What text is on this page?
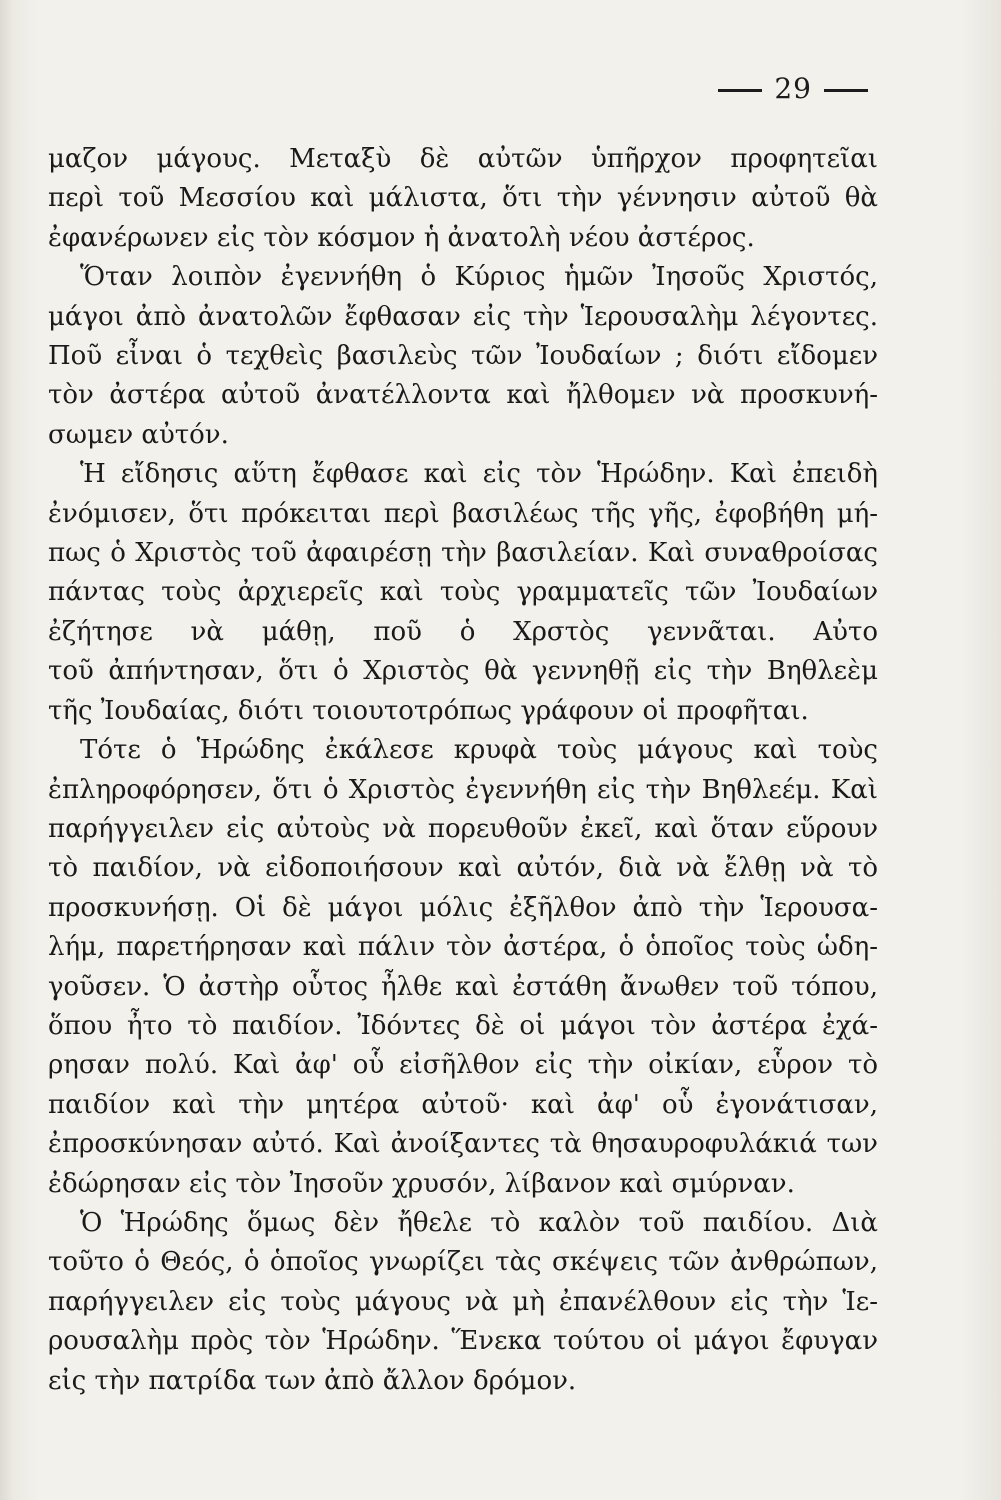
29
μαζον μάγους. Μεταξὺ δὲ αὐτῶν ὑπῆρχον προφητεῖαι
περὶ τοῦ Μεσσίου καὶ μάλιστα, ὅτι τὴν γέννησιν αὐτοῦ θὰ
ἐφανέρωνεν εἰς τὸν κόσμον ἡ ἀνατολὴ νέου ἀστέρος.
Ὅταν λοιπὸν ἐγεννήθη ὁ Κύριος ἡμῶν Ἰησοῦς Χριστός,
μάγοι ἀπὸ ἀνατολῶν ἔφθασαν εἰς τὴν Ἱερουσαλὴμ λέγοντες.
Ποῦ εἶναι ὁ τεχθεὶς βασιλεὺς τῶν Ἰουδαίων ; διότι εἴδομεν
τὸν ἀστέρα αὐτοῦ ἀνατέλλοντα καὶ ἤλθομεν νὰ προσκυνή-
σωμεν αὐτόν.
Ἡ εἴδησις αὕτη ἔφθασε καὶ εἰς τὸν Ἡρώδην. Καὶ ἐπειδὴ
ἐνόμισεν, ὅτι πρόκειται περὶ βασιλέως τῆς γῆς, ἐφοβήθη μή-
πως ὁ Χριστὸς τοῦ ἀφαιρέσῃ τὴν βασιλείαν. Καὶ συναθροίσας
πάντας τοὺς ἀρχιερεῖς καὶ τοὺς γραμματεῖς τῶν Ἰουδαίων
ἐζήτησε νὰ μάθῃ, ποῦ ὁ Χρστὸς γεννᾶται. Αὐτο
τοῦ ἀπήντησαν, ὅτι ὁ Χριστὸς θὰ γεννηθῇ εἰς τὴν Βηθλεὲμ
τῆς Ἰουδαίας, διότι τοιουτοτρόπως γράφουν οἱ προφῆται.
Τότε ὁ Ἡρώδης ἐκάλεσε κρυφὰ τοὺς μάγους καὶ τοὺς
ἐπληροφόρησεν, ὅτι ὁ Χριστὸς ἐγεννήθη εἰς τὴν Βηθλεέμ. Καὶ
παρήγγειλεν εἰς αὐτοὺς νὰ πορευθοῦν ἐκεῖ, καὶ ὅταν εὕρουν
τὸ παιδίον, νὰ εἰδοποιήσουν καὶ αὐτόν, διὰ νὰ ἔλθῃ νὰ τὸ
προσκυνήσῃ. Οἱ δὲ μάγοι μόλις ἐξῆλθον ἀπὸ τὴν Ἱερουσα-
λήμ, παρετήρησαν καὶ πάλιν τὸν ἀστέρα, ὁ ὁποῖος τοὺς ὡδη-
γοῦσεν. Ὁ ἀστὴρ οὗτος ἦλθε καὶ ἐστάθη ἄνωθεν τοῦ τόπου,
ὅπου ἦτο τὸ παιδίον. Ἰδόντες δὲ οἱ μάγοι τὸν ἀστέρα ἐχά-
ρησαν πολύ. Καὶ ἀφ' οὗ εἰσῆλθον εἰς τὴν οἰκίαν, εὗρον τὸ
παιδίον καὶ τὴν μητέρα αὐτοῦ· καὶ ἀφ' οὗ ἐγονάτισαν,
ἐπροσκύνησαν αὐτό. Καὶ ἀνοίξαντες τὰ θησαυροφυλάκιά των
ἐδώρησαν εἰς τὸν Ἰησοῦν χρυσόν, λίβανον καὶ σμύρναν.
Ὁ Ἡρώδης ὅμως δὲν ἤθελε τὸ καλὸν τοῦ παιδίου. Διὰ
τοῦτο ὁ Θεός, ὁ ὁποῖος γνωρίζει τὰς σκέψεις τῶν ἀνθρώπων,
παρήγγειλεν εἰς τοὺς μάγους νὰ μὴ ἐπανέλθουν εἰς τὴν Ἱε-
ρουσαλὴμ πρὸς τὸν Ἡρώδην. Ἕνεκα τούτου οἱ μάγοι ἔφυγαν
εἰς τὴν πατρίδα των ἀπὸ ἄλλον δρόμον.
